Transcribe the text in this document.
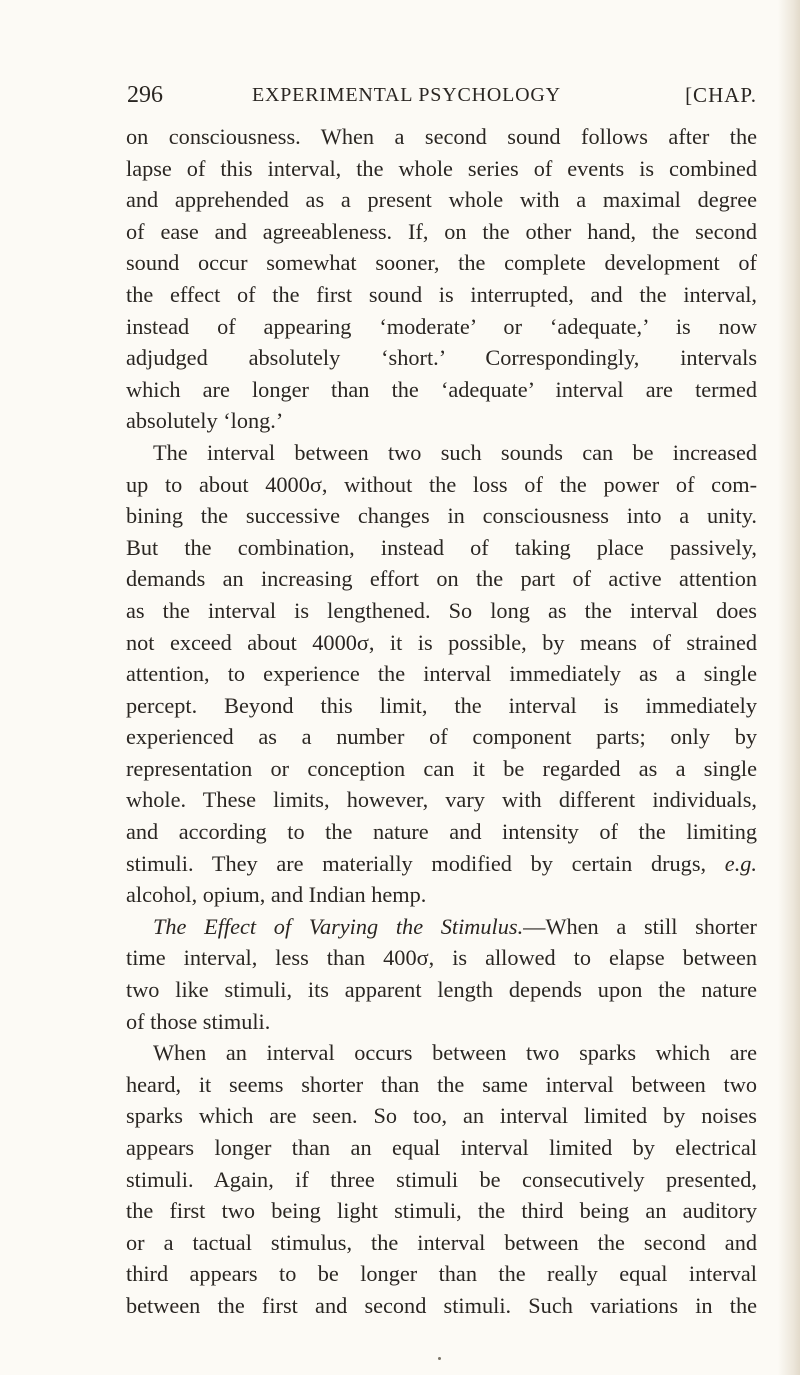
296	EXPERIMENTAL PSYCHOLOGY	[CHAP.
on consciousness. When a second sound follows after the
lapse of this interval, the whole series of events is combined
and apprehended as a present whole with a maximal degree
of ease and agreeableness. If, on the other hand, the second
sound occur somewhat sooner, the complete development of
the effect of the first sound is interrupted, and the interval,
instead of appearing ‘moderate’ or ‘adequate,’ is now
adjudged absolutely ‘short.’ Correspondingly, intervals
which are longer than the ‘adequate’ interval are termed
absolutely ‘long.’
The interval between two such sounds can be increased
up to about 4000σ, without the loss of the power of com-
bining the successive changes in consciousness into a unity.
But the combination, instead of taking place passively,
demands an increasing effort on the part of active attention
as the interval is lengthened. So long as the interval does
not exceed about 4000σ, it is possible, by means of strained
attention, to experience the interval immediately as a single
percept. Beyond this limit, the interval is immediately
experienced as a number of component parts; only by
representation or conception can it be regarded as a single
whole. These limits, however, vary with different individuals,
and according to the nature and intensity of the limiting
stimuli. They are materially modified by certain drugs, e.g.
alcohol, opium, and Indian hemp.
The Effect of Varying the Stimulus.—When a still shorter
time interval, less than 400σ, is allowed to elapse between
two like stimuli, its apparent length depends upon the nature
of those stimuli.
When an interval occurs between two sparks which are
heard, it seems shorter than the same interval between two
sparks which are seen. So too, an interval limited by noises
appears longer than an equal interval limited by electrical
stimuli. Again, if three stimuli be consecutively presented,
the first two being light stimuli, the third being an auditory
or a tactual stimulus, the interval between the second and
third appears to be longer than the really equal interval
between the first and second stimuli. Such variations in the
